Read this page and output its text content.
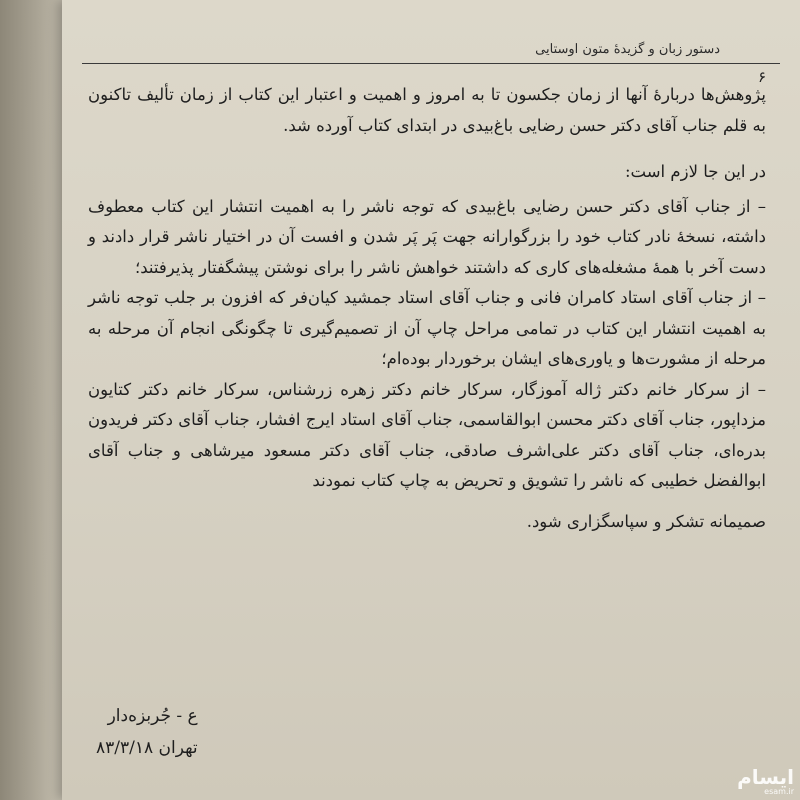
دستور زبان و گزیدهٔ متون اوستایی
۶

پژوهش‌ها دربارهٔ آنها از زمان جکسون تا به امروز و اهمیت و اعتبار این کتاب از زمان تألیف تاکنون به قلم جناب آقای دکتر حسن رضایی باغ‌بیدی در ابتدای کتاب آورده شد.

در این جا لازم است:

– از جناب آقای دکتر حسن رضایی باغ‌بیدی که توجه ناشر را به اهمیت انتشار این کتاب معطوف داشته، نسخهٔ نادر کتاب خود را بزرگوارانه جهت پَر پَر شدن و افست آن در اختیار ناشر قرار دادند و دست آخر با همهٔ مشغله‌های کاری که داشتند خواهش ناشر را برای نوشتن پیشگفتار پذیرفتند؛

– از جناب آقای استاد کامران فانی و جناب آقای استاد جمشید کیان‌فر که افزون بر جلب توجه ناشر به اهمیت انتشار این کتاب در تمامی مراحل چاپ آن از تصمیم‌گیری تا چگونگی انجام آن مرحله به مرحله از مشورت‌ها و یاوری‌های ایشان برخوردار بوده‌ام؛

– از سرکار خانم دکتر ژاله آموزگار، سرکار خانم دکتر زهره زرشناس، سرکار خانم دکتر کتایون مزداپور، جناب آقای دکتر محسن ابوالقاسمی، جناب آقای استاد ایرج افشار، جناب آقای دکتر فریدون بدره‌ای، جناب آقای دکتر علی‌اشرف صادقی، جناب آقای دکتر مسعود میرشاهی و جناب آقای ابوالفضل خطیبی که ناشر را تشویق و تحریض به چاپ کتاب نمودند

صمیمانه تشکر و سپاسگزاری شود.

ع - جُربزه‌دار
تهران ۸۳/۳/۱۸
ایسام
esam.ir
